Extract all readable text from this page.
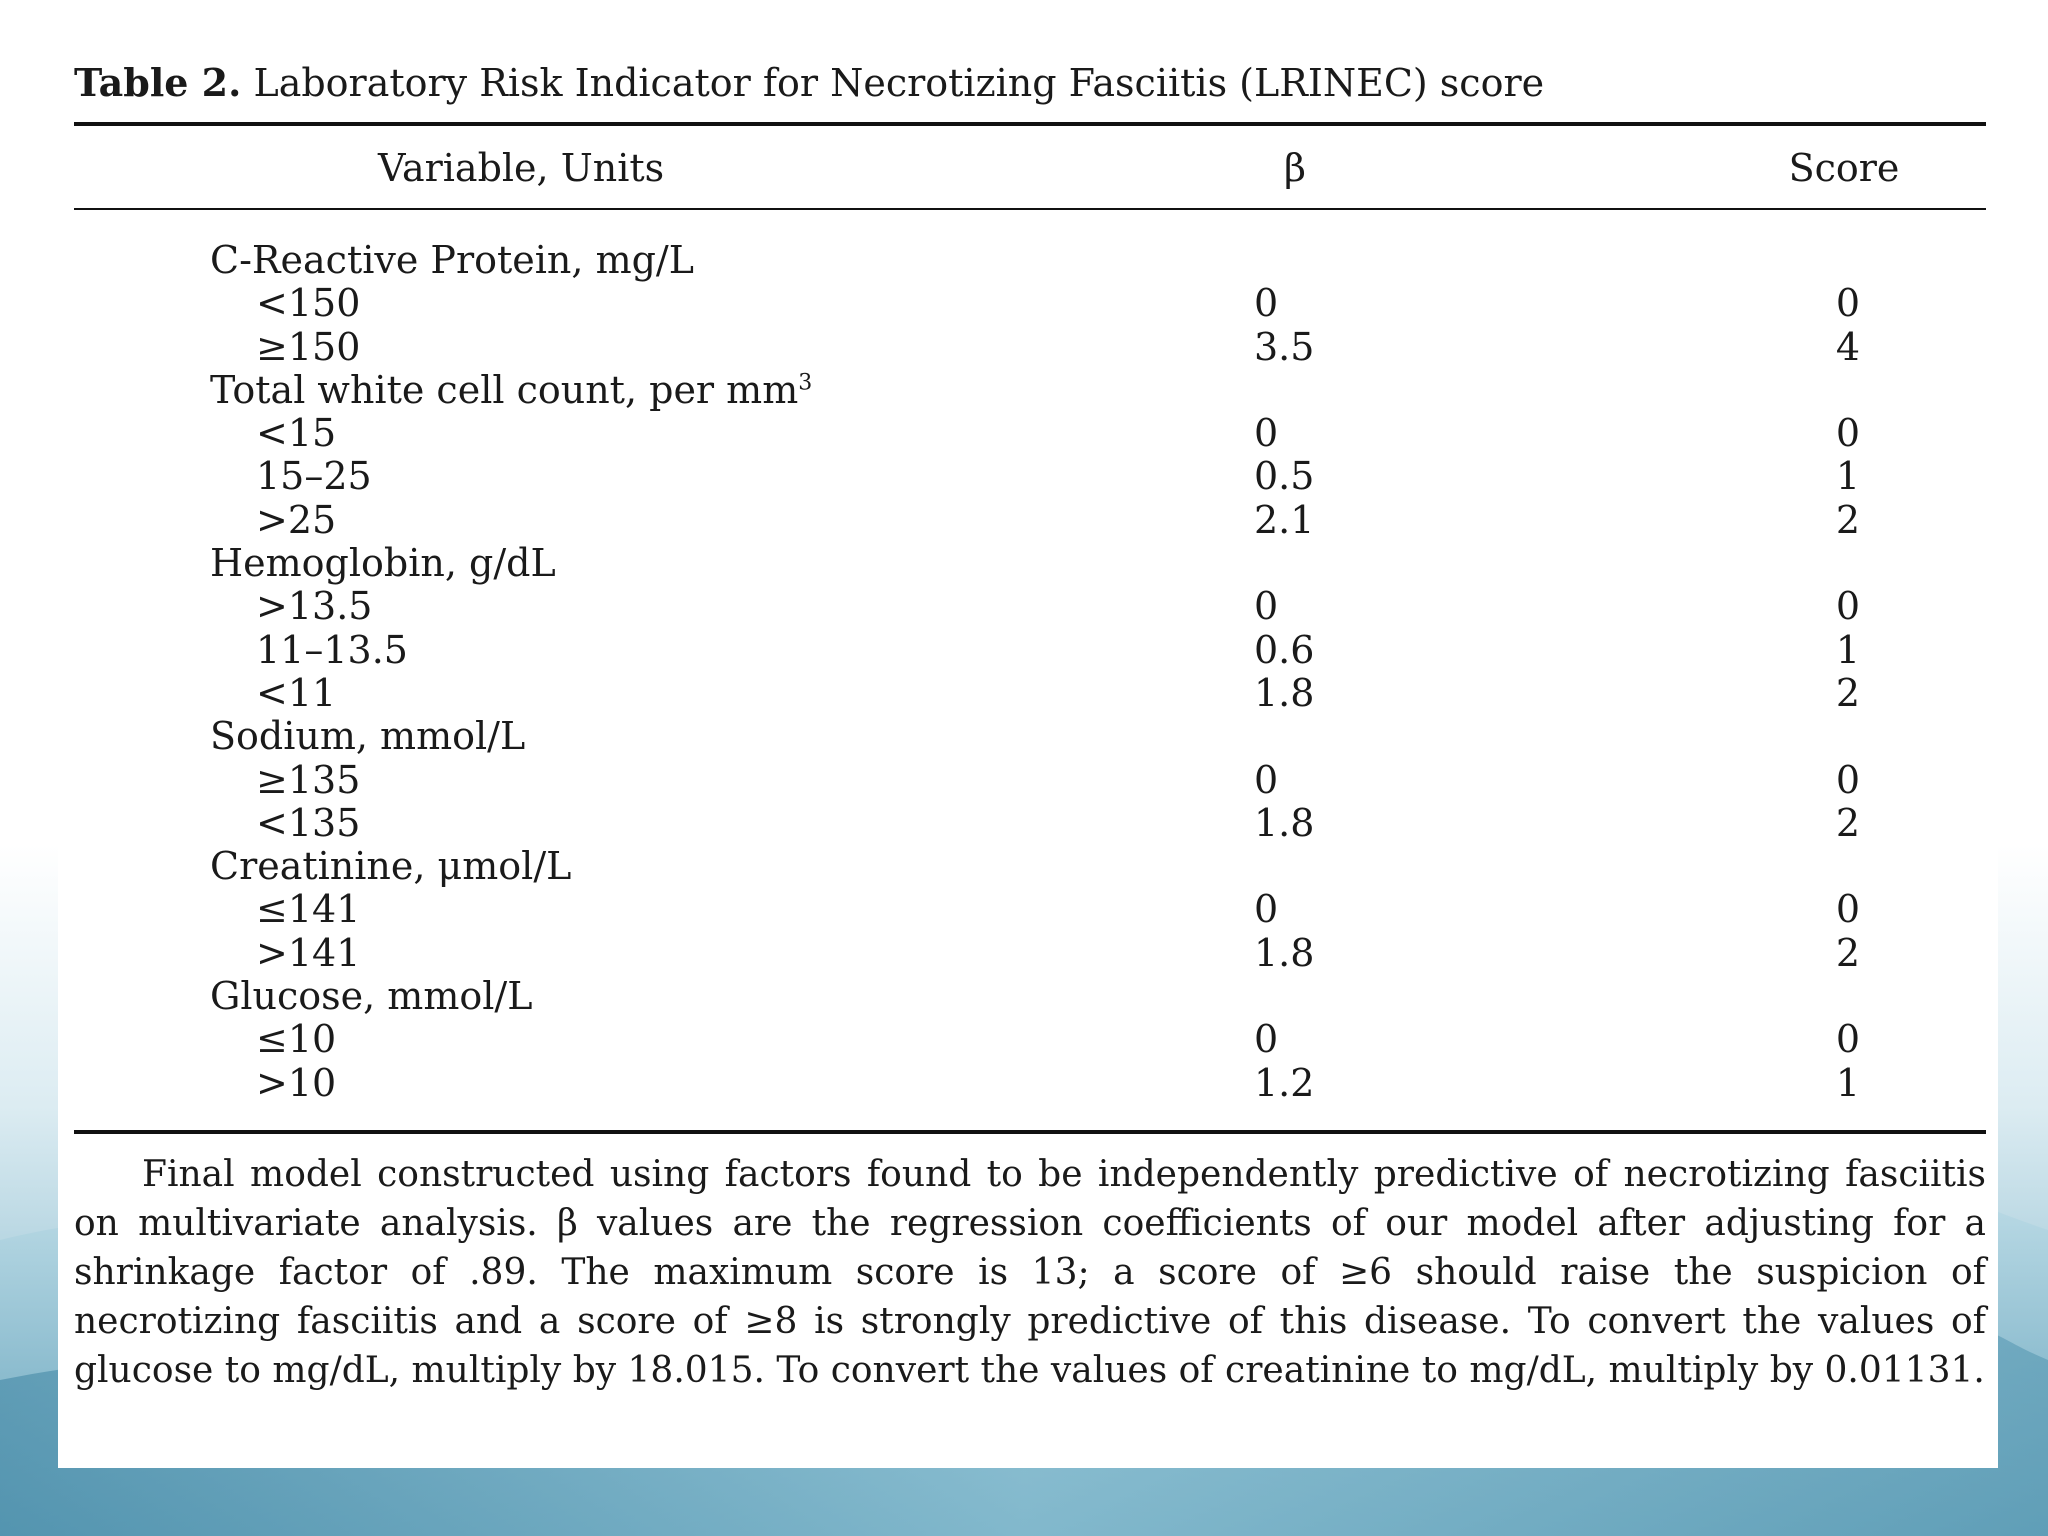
Table 2. Laboratory Risk Indicator for Necrotizing Fasciitis (LRINEC) score
Variable, Units	β	Score
C-Reactive Protein, mg/L
<150	0	0
≥150	3.5	4
Total white cell count, per $mm^3$
<15	0	0
15–25	0.5	1
>25	2.1	2
Hemoglobin, g/dL
>13.5	0	0
11–13.5	0.6	1
<11	1.8	2
Sodium, mmol/L
≥135	0	0
<135	1.8	2
Creatinine, μmol/L
≤141	0	0
>141	1.8	2
Glucose, mmol/L
≤10	0	0
>10	1.2	1

Final model constructed using factors found to be independently predictive of necrotizing fasciitis on multivariate analysis. β values are the regression coefficients of our model after adjusting for a shrinkage factor of .89. The maximum score is 13; a score of ≥6 should raise the suspicion of necrotizing fasciitis and a score of ≥8 is strongly predictive of this disease. To convert the values of glucose to mg/dL, multiply by 18.015. To convert the values of creatinine to mg/dL, multiply by 0.01131.
